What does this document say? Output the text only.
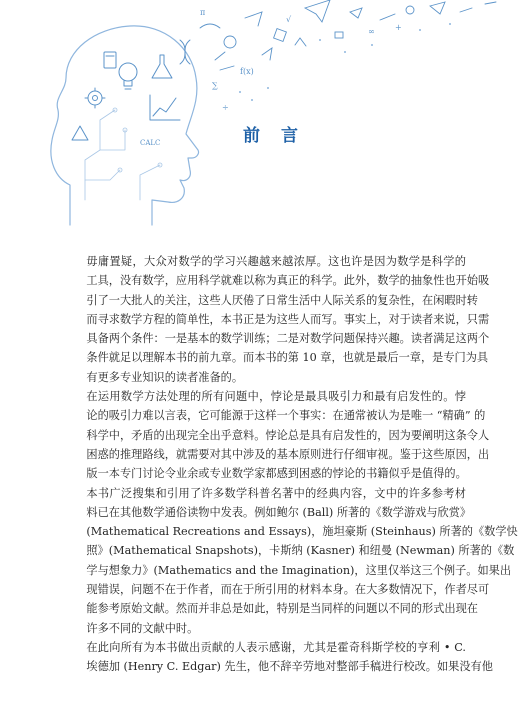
π
∑
f(x)
√
∞	+
÷
CALC	前言
毋庸置疑，大众对数学的学习兴趣越来越浓厚。这也许是因为数学是科学的
工具，没有数学，应用科学就难以称为真正的科学。此外，数学的抽象性也开始吸
引了一大批人的关注，这些人厌倦了日常生活中人际关系的复杂性，在闲暇时转
而寻求数学方程的简单性，本书正是为这些人而写。事实上，对于读者来说，只需
具备两个条件：一是基本的数学训练；二是对数学问题保持兴趣。读者满足这两个
条件就足以理解本书的前九章。而本书的第 10 章，也就是最后一章，是专门为具
有更多专业知识的读者准备的。
在运用数学方法处理的所有问题中，悖论是最具吸引力和最有启发性的。悖
论的吸引力难以言表，它可能源于这样一个事实：在通常被认为是唯一 “精确” 的
科学中，矛盾的出现完全出乎意料。悖论总是具有启发性的，因为要阐明这条令人
困惑的推理路线，就需要对其中涉及的基本原则进行仔细审视。鉴于这些原因，出
版一本专门讨论令业余或专业数学家都感到困惑的悖论的书籍似乎是值得的。
本书广泛搜集和引用了许多数学科普名著中的经典内容，文中的许多参考材
料已在其他数学通俗读物中发表。例如鲍尔 (Ball) 所著的《数学游戏与欣赏》
(Mathematical Recreations and Essays)，施坦豪斯 (Steinhaus) 所著的《数学快
照》(Mathematical Snapshots)，卡斯纳 (Kasner) 和纽曼 (Newman) 所著的《数
学与想象力》(Mathematics and the Imagination)，这里仅举这三个例子。如果出
现错误，问题不在于作者，而在于所引用的材料本身。在大多数情况下，作者尽可
能参考原始文献。然而并非总是如此，特别是当同样的问题以不同的形式出现在
许多不同的文献中时。
在此向所有为本书做出贡献的人表示感谢，尤其是霍奇科斯学校的亨利 • C.
埃德加 (Henry C. Edgar) 先生，他不辞辛劳地对整部手稿进行校改。如果没有他
